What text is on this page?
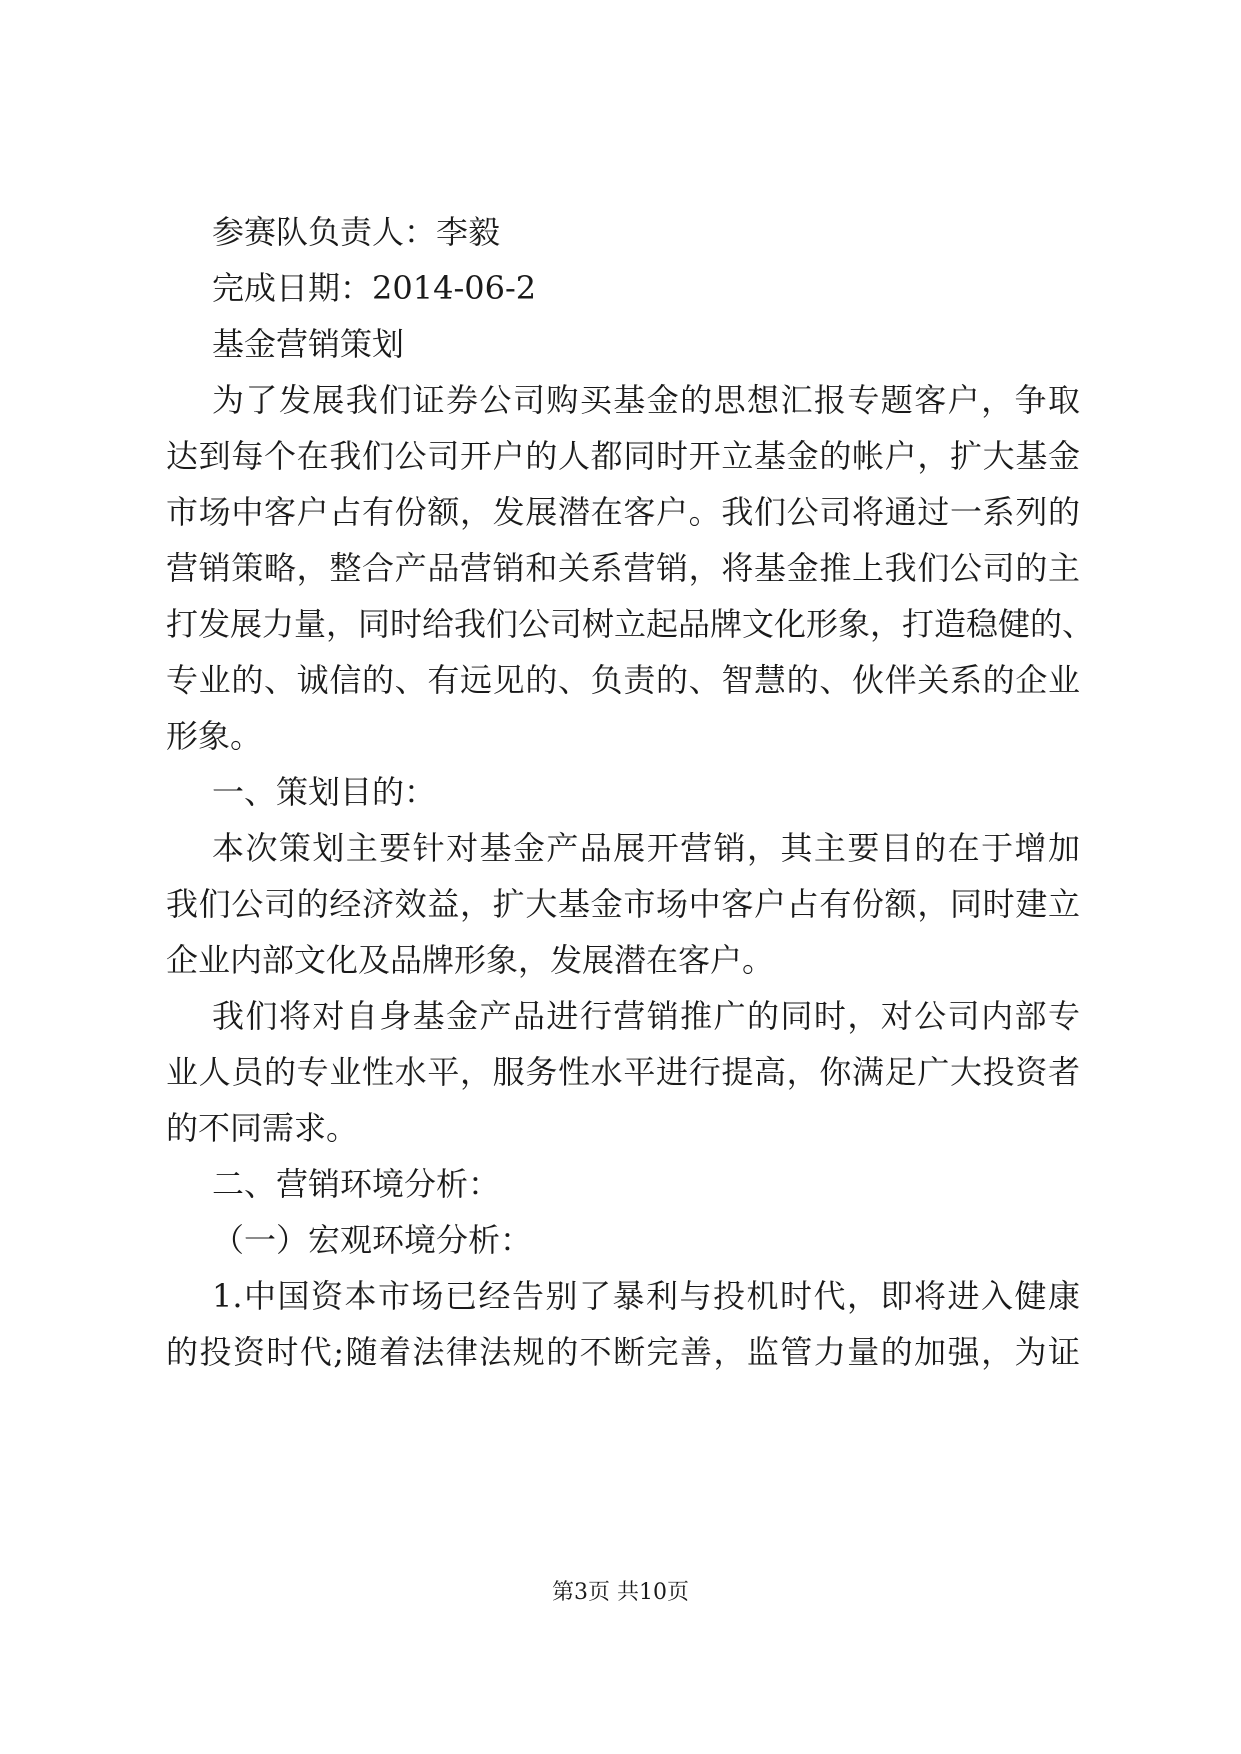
参赛队负责人：李毅
完成日期：2014-06-2
基金营销策划
为了发展我们证券公司购买基金的思想汇报专题客户，争取
达到每个在我们公司开户的人都同时开立基金的帐户，扩大基金
市场中客户占有份额，发展潜在客户。我们公司将通过一系列的
营销策略，整合产品营销和关系营销，将基金推上我们公司的主
打发展力量，同时给我们公司树立起品牌文化形象，打造稳健的、
专业的、诚信的、有远见的、负责的、智慧的、伙伴关系的企业
形象。
一、策划目的：
本次策划主要针对基金产品展开营销，其主要目的在于增加
我们公司的经济效益，扩大基金市场中客户占有份额，同时建立
企业内部文化及品牌形象，发展潜在客户。
我们将对自身基金产品进行营销推广的同时，对公司内部专
业人员的专业性水平，服务性水平进行提高，你满足广大投资者
的不同需求。
二、营销环境分析：
（一）宏观环境分析：
1.中国资本市场已经告别了暴利与投机时代，即将进入健康
的投资时代;随着法律法规的不断完善，监管力量的加强，为证
第3页 共10页
